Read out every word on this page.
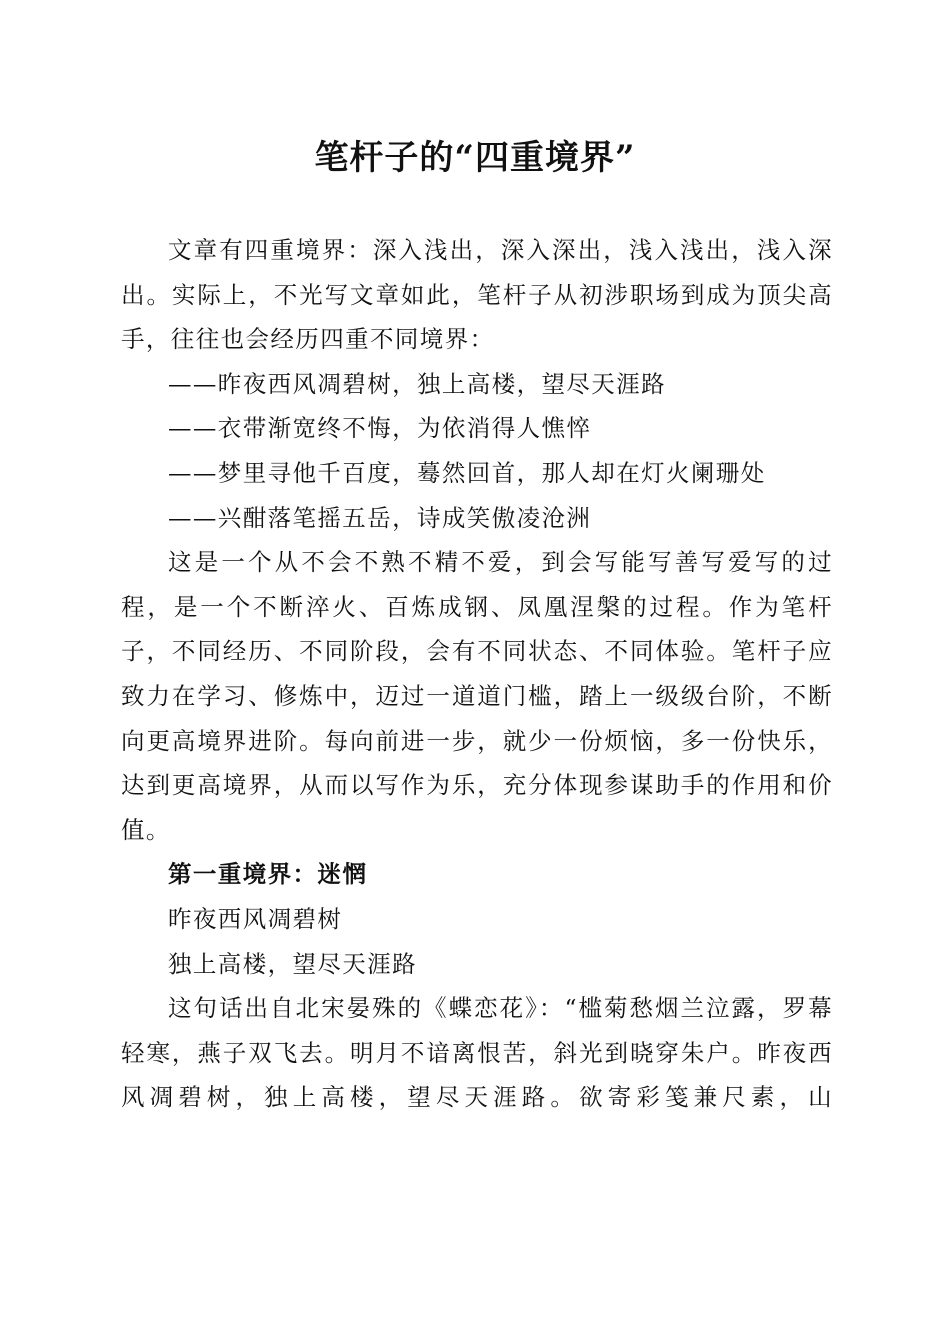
笔杆子的“四重境界”

文章有四重境界：深入浅出，深入深出，浅入浅出，浅入深出。实际上，不光写文章如此，笔杆子从初涉职场到成为顶尖高手，往往也会经历四重不同境界：

——昨夜西风凋碧树，独上高楼，望尽天涯路

——衣带渐宽终不悔，为依消得人憔悴

——梦里寻他千百度，蓦然回首，那人却在灯火阑珊处

——兴酣落笔摇五岳，诗成笑傲凌沧洲

这是一个从不会不熟不精不爱，到会写能写善写爱写的过程，是一个不断淬火、百炼成钢、凤凰涅槃的过程。作为笔杆子，不同经历、不同阶段，会有不同状态、不同体验。笔杆子应致力在学习、修炼中，迈过一道道门槛，踏上一级级台阶，不断向更高境界进阶。每向前进一步，就少一份烦恼，多一份快乐，达到更高境界，从而以写作为乐，充分体现参谋助手的作用和价值。

第一重境界：迷惘

昨夜西风凋碧树

独上高楼，望尽天涯路

这句话出自北宋晏殊的《蝶恋花》：“槛菊愁烟兰泣露，罗幕轻寒，燕子双飞去。明月不谙离恨苦，斜光到晓穿朱户。昨夜西风凋碧树，独上高楼，望尽天涯路。欲寄彩笺兼尺素，山
